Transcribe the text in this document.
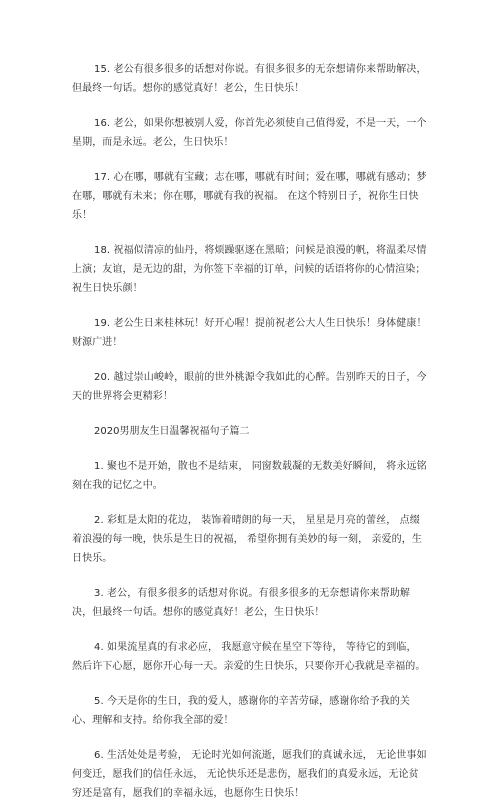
15. 老公有很多很多的话想对你说。有很多很多的无奈想请你来帮助解决，但最终一句话。想你的感觉真好！老公，生日快乐！

16. 老公，如果你想被别人爱，你首先必须使自己值得爱，不是一天，一个星期，而是永远。老公，生日快乐！

17. 心在哪，哪就有宝藏；志在哪，哪就有时间；爱在哪，哪就有感动；梦在哪，哪就有未来；你在哪，哪就有我的祝福。 在这个特别日子，祝你生日快乐！

18. 祝福似清凉的仙丹，将烦躁驱逐在黑暗；问候是浪漫的帆，将温柔尽情上演；友谊，是无边的甜，为你签下幸福的订单，问候的话语将你的心情渲染；祝生日快乐颜！

19. 老公生日来桂林玩！好开心喔！提前祝老公大人生日快乐！身体健康！财源广进！

20. 越过崇山峻岭，眼前的世外桃源令我如此的心醉。告别昨天的日子，今天的世界将会更精彩！

2020男朋友生日温馨祝福句子篇二

1. 聚也不是开始，散也不是结束， 同窗数载凝的无数美好瞬间， 将永远铭刻在我的记忆之中。

2. 彩虹是太阳的花边， 装饰着晴朗的每一天， 星星是月亮的蕾丝， 点缀着浪漫的每一晚，快乐是生日的祝福， 希望你拥有美妙的每一刻， 亲爱的，生日快乐。

3. 老公，有很多很多的话想对你说。有很多很多的无奈想请你来帮助解决，但最终一句话。想你的感觉真好！老公，生日快乐！

4. 如果流星真的有求必应， 我愿意守候在星空下等待， 等待它的到临， 然后许下心愿，愿你开心每一天。亲爱的生日快乐，只要你开心我就是幸福的。

5. 今天是你的生日，我的爱人，感谢你的辛苦劳碌，感谢你给予我的关心、理解和支持。给你我全部的爱！

6. 生活处处是考验， 无论时光如何流逝，愿我们的真诚永远， 无论世事如何变迁，愿我们的信任永远， 无论快乐还是悲伤，愿我们的真爱永远，无论贫穷还是富有，愿我们的幸福永远，也愿你生日快乐！
